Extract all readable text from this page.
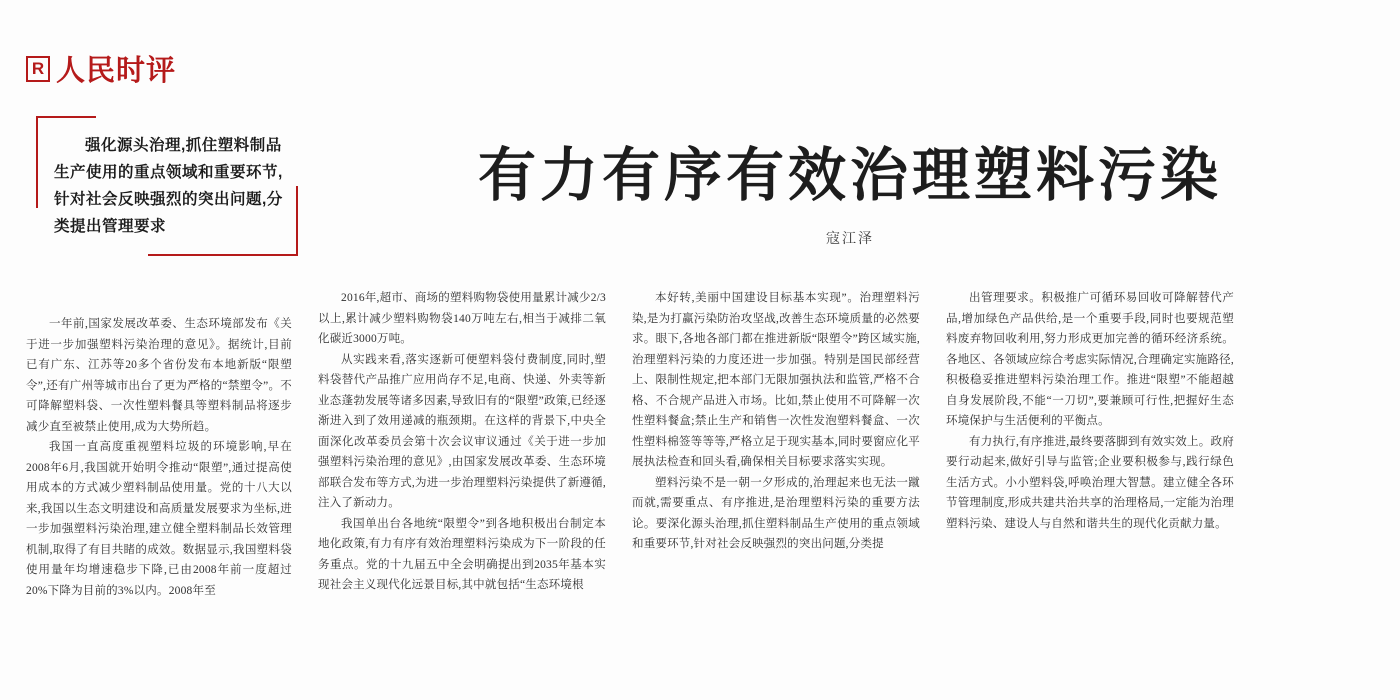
R 人民时评
有力有序有效治理塑料污染
寇江泽
强化源头治理,抓住塑料制品生产使用的重点领域和重要环节,针对社会反映强烈的突出问题,分类提出管理要求

一年前,国家发展改革委、生态环境部发布《关于进一步加强塑料污染治理的意见》。据统计,目前已有广东、江苏等20多个省份发布本地新版“限塑令”,还有广州等城市出台了更为严格的“禁塑令”。不可降解塑料袋、一次性塑料餐具等塑料制品将逐步减少直至被禁止使用,成为大势所趋。

我国一直高度重视塑料垃圾的环境影响,早在2008年6月,我国就开始明令推动“限塑”,通过提高使用成本的方式减少塑料制品使用量。党的十八大以来,我国以生态文明建设和高质量发展要求为坐标,进一步加强塑料污染治理,建立健全塑料制品长效管理机制,取得了有目共睹的成效。数据显示,我国塑料袋使用量年均增速稳步下降,已由2008年前一度超过20%下降为目前的3%以内。2008年至

2016年,超市、商场的塑料购物袋使用量累计减少2/3以上,累计减少塑料购物袋140万吨左右,相当于减排二氧化碳近3000万吨。

从实践来看,落实逐新可便塑料袋付费制度,同时,塑料袋替代产品推广应用尚存不足,电商、快递、外卖等新业态蓬勃发展等诸多因素,导致旧有的“限塑”政策,已经逐渐进入到了效用递减的瓶颈期。在这样的背景下,中央全面深化改革委员会第十次会议审议通过《关于进一步加强塑料污染治理的意见》,由国家发展改革委、生态环境部联合发布等方式,为进一步治理塑料污染提供了新遵循,注入了新动力。

我国单出台各地统“限塑令”到各地积极出台制定本地化政策,有力有序有效治理塑料污染成为下一阶段的任务重点。党的十九届五中全会明确提出到2035年基本实现社会主义现代化远景目标,其中就包括“生态环境根

本好转,美丽中国建设目标基本实现”。治理塑料污染,是为打赢污染防治攻坚战,改善生态环境质量的必然要求。眼下,各地各部门都在推进新版“限塑令”跨区域实施,治理塑料污染的力度还进一步加强。特别是国民部经营上、限制性规定,把本部门无限加强执法和监管,严格不合格、不合规产品进入市场。比如,禁止使用不可降解一次性塑料餐盒;禁止生产和销售一次性发泡塑料餐盒、一次性塑料棉签等等等,严格立足于现实基本,同时要窗应化平展执法检查和回头看,确保相关目标要求落实实现。

塑料污染不是一朝一夕形成的,治理起来也无法一蹴而就,需要重点、有序推进,是治理塑料污染的重要方法论。要深化源头治理,抓住塑料制品生产使用的重点领域和重要环节,针对社会反映强烈的突出问题,分类提

出管理要求。积极推广可循环易回收可降解替代产品,增加绿色产品供给,是一个重要手段,同时也要规范塑料废弃物回收利用,努力形成更加完善的循环经济系统。各地区、各领域应综合考虑实际情况,合理确定实施路径,积极稳妥推进塑料污染治理工作。推进“限塑”不能超越自身发展阶段,不能“一刀切”,要兼顾可行性,把握好生态环境保护与生活便利的平衡点。

有力执行,有序推进,最终要落脚到有效实效上。政府要行动起来,做好引导与监管;企业要积极参与,践行绿色生活方式。小小塑料袋,呼唤治理大智慧。建立健全各环节管理制度,形成共建共治共享的治理格局,一定能为治理塑料污染、建设人与自然和谐共生的现代化贡献力量。
